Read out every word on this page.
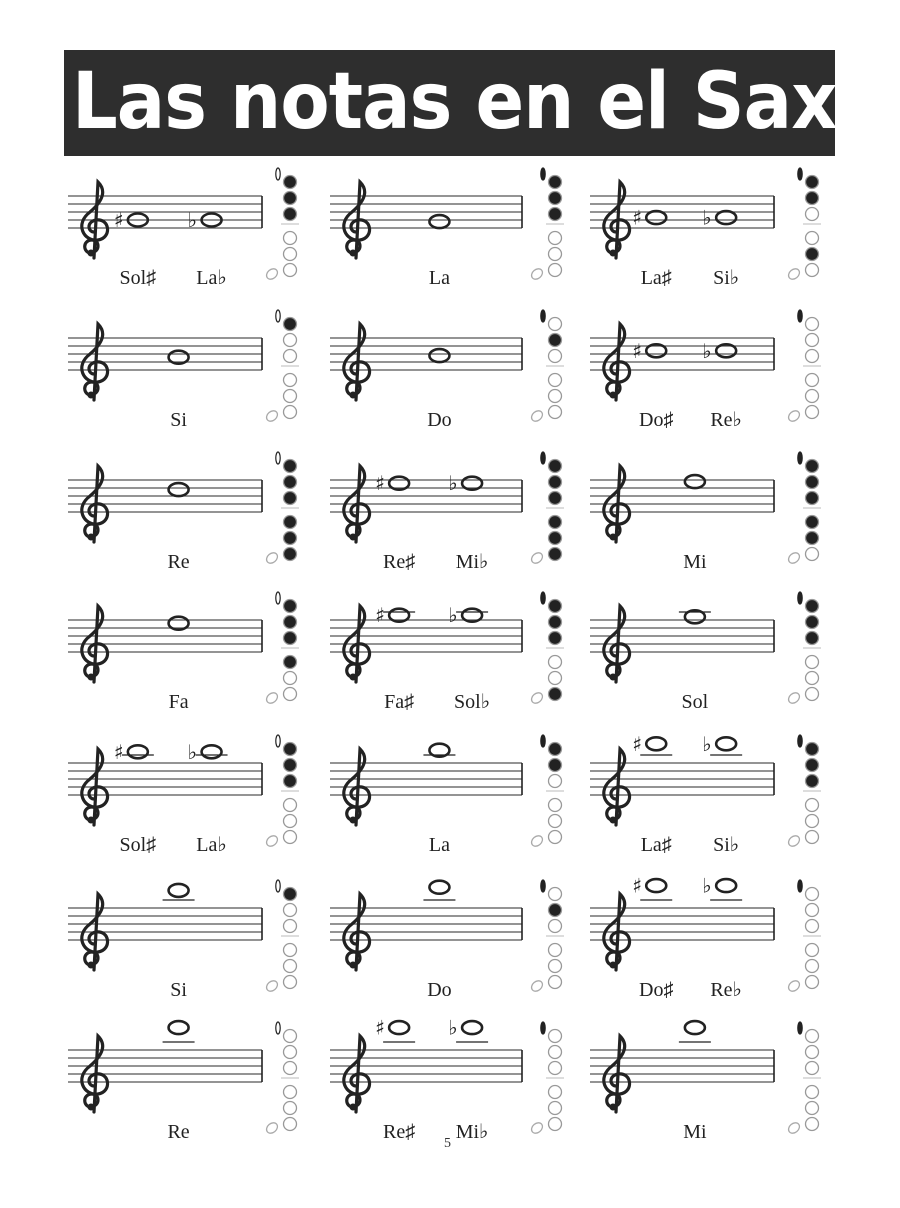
Las notas en el Sax.
♯
Sol♯
♭
La♭	La
♯
La♯
♭
Si♭
Si	Do
♯
Do♯
♭
Re♭
Re
♯
Re♯
♭
Mi♭	Mi
Fa
♯
Fa♯
♭
Sol♭	Sol
♯
Sol♯
♭
La♭	La
♯
La♯
♭
Si♭
Si	Do
♯
Do♯
♭
Re♭
Re
♯
Re♯
♭
Mi♭	Mi
5
